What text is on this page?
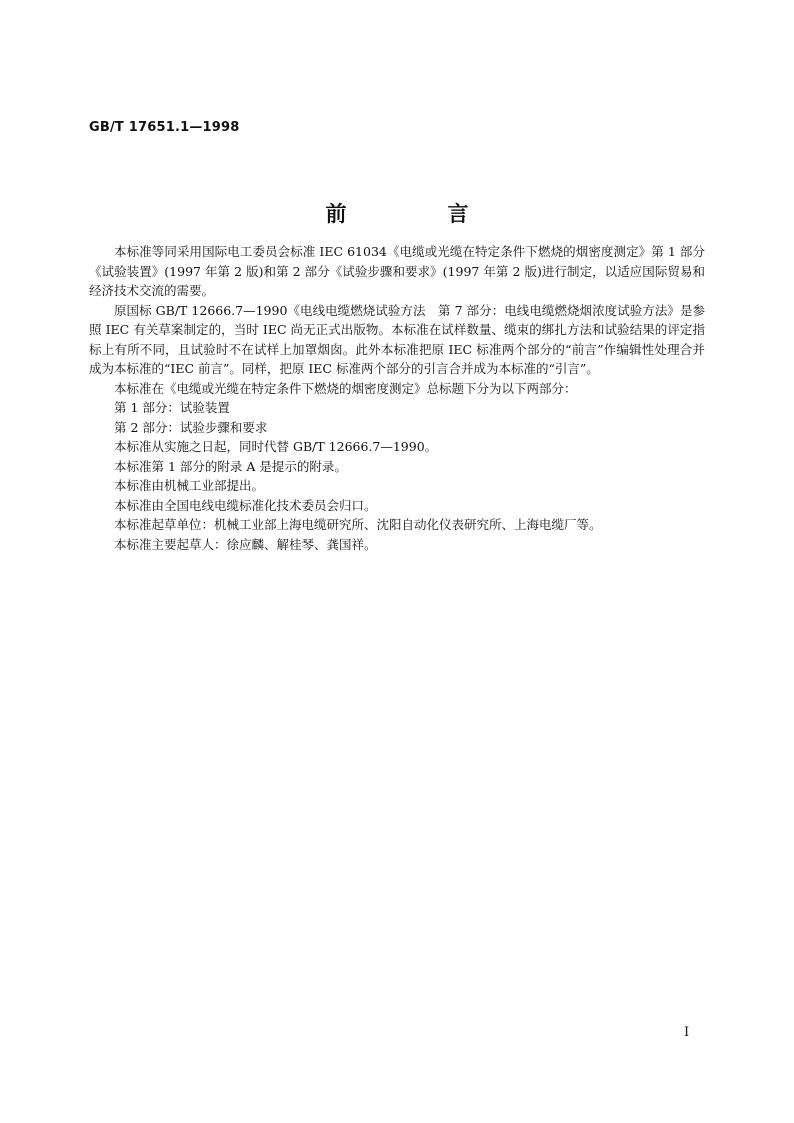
GB/T 17651.1—1998
前　言

本标准等同采用国际电工委员会标准 IEC 61034《电缆或光缆在特定条件下燃烧的烟密度测定》第 1 部分《试验装置》(1997 年第 2 版)和第 2 部分《试验步骤和要求》(1997 年第 2 版)进行制定，以适应国际贸易和经济技术交流的需要。

原国标 GB/T 12666.7—1990《电线电缆燃烧试验方法　第 7 部分：电线电缆燃烧烟浓度试验方法》是参照 IEC 有关草案制定的，当时 IEC 尚无正式出版物。本标准在试样数量、缆束的绑扎方法和试验结果的评定指标上有所不同，且试验时不在试样上加罩烟囱。此外本标准把原 IEC 标准两个部分的“前言”作编辑性处理合并成为本标准的“IEC 前言”。同样，把原 IEC 标准两个部分的引言合并成为本标准的“引言”。

本标准在《电缆或光缆在特定条件下燃烧的烟密度测定》总标题下分为以下两部分：

第 1 部分：试验装置

第 2 部分：试验步骤和要求

本标准从实施之日起，同时代替 GB/T 12666.7—1990。

本标准第 1 部分的附录 A 是提示的附录。

本标准由机械工业部提出。

本标准由全国电线电缆标准化技术委员会归口。

本标准起草单位：机械工业部上海电缆研究所、沈阳自动化仪表研究所、上海电缆厂等。

本标准主要起草人：徐应麟、解桂琴、龚国祥。

I
